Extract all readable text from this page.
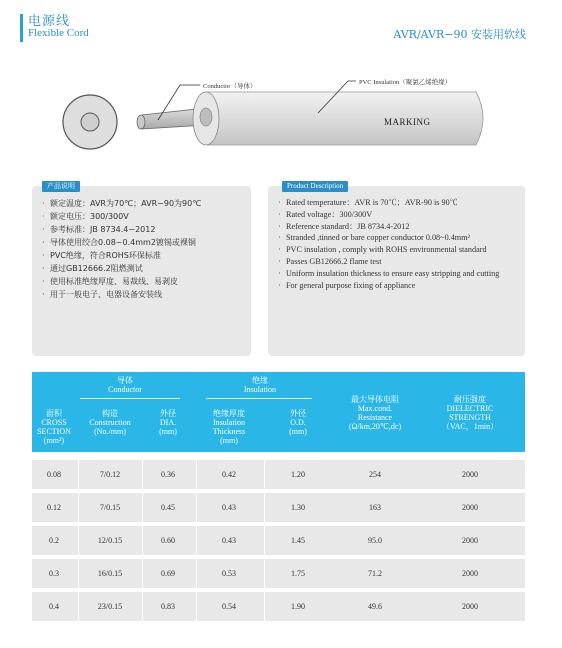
电源线
Flexible Cord	AVR/AVR−90 安装用软线
Conductor（导体）
PVC Insulation（聚氯乙烯绝缘）
MARKING
产品说明
· 额定温度：AVR为70℃；AVR−90为90℃
· 额定电压：300/300V
· 参考标准：JB 8734.4−2012
· 导体使用绞合0.08~0.4mm2镀锡或裸铜
· PVC绝缘，符合ROHS环保标准
· 通过GB12666.2阻燃测试
· 使用标准绝缘厚度、易裁线、易剥皮
· 用于一般电子、电器设备安装线
Product Description
· Rated temperature：AVR is 70℃；AVR-90 is 90℃
· Rated voltage：300/300V
· Reference standard：JB 8734.4-2012
· Stranded ,tinned or bare copper conductor 0.08~0.4mm²
· PVC insulation , comply with ROHS environmental standard
· Passes GB12666.2 flame test
· Uniform insulation thickness to ensure easy stripping and cutting
· For general purpose fixing of appliance
导体
Conductor
绝缘
Insulation
面积
CROSS
SECTION
(mm²)
构造
Construction
(No./mm)
外径
DIA.
(mm)
绝缘厚度
Insulation
Thickness
(mm)
外径
O.D.
(mm)
最大导体电阻
Max.cond.
Resistance
(Ω/km,20℃,dc)
耐压强度
DIELECTRIC
STRENGTH
（VAC，1min）
0.08	7/0.12	0.36	0.42	1.20	254	2000
0.12	7/0.15	0.45	0.43	1.30	163	2000
0.2	12/0.15	0.60	0.43	1.45	95.0	2000
0.3	16/0.15	0.69	0.53	1.75	71.2	2000
0.4	23/0.15	0.83	0.54	1.90	49.6	2000
